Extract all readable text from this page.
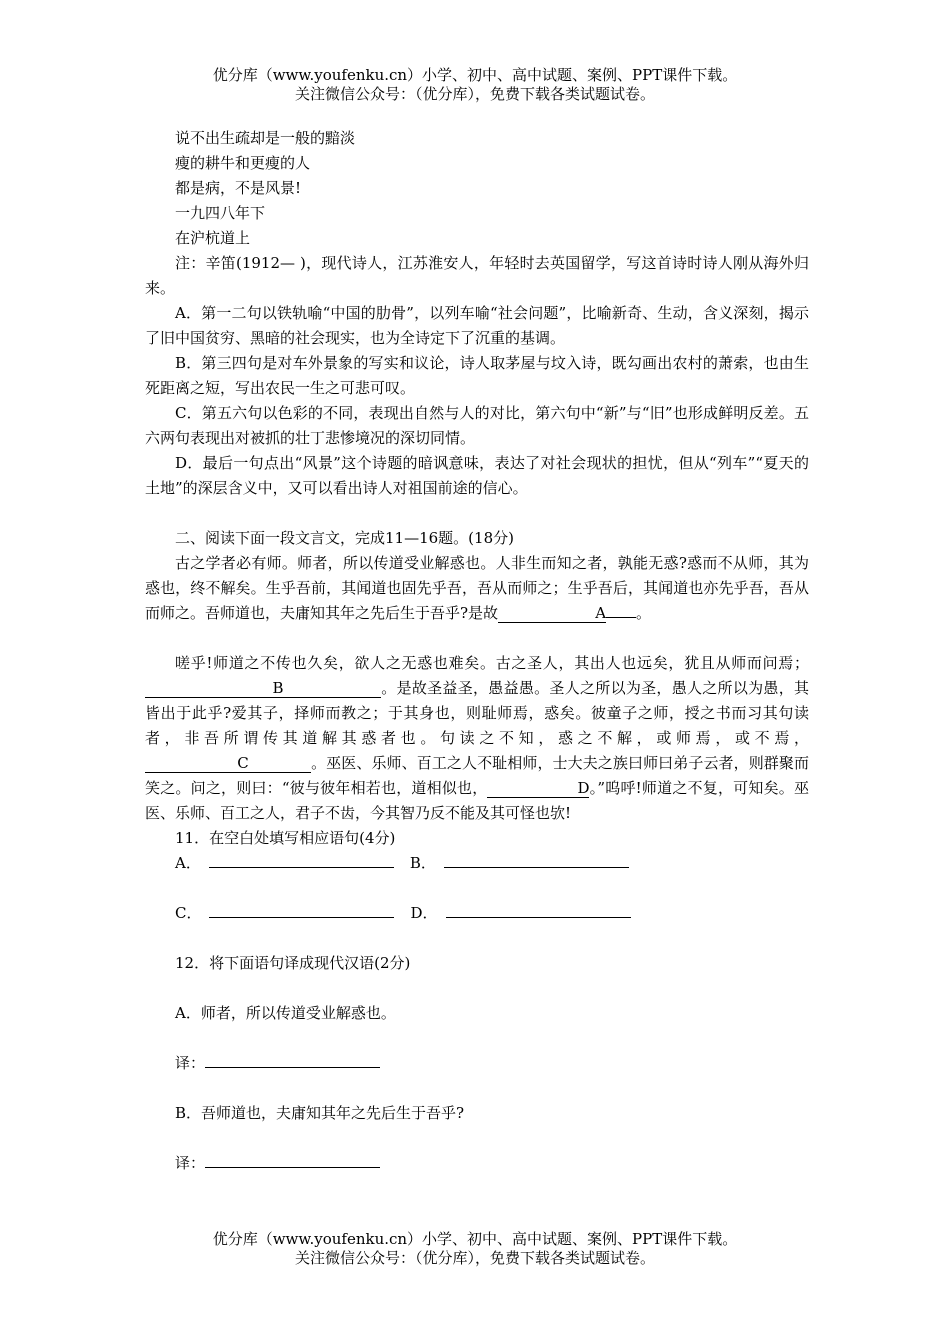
优分库（www.youfenku.cn）小学、初中、高中试题、案例、PPT课件下载。
关注微信公众号：（优分库），免费下载各类试题试卷。

说不出生疏却是一般的黯淡

瘦的耕牛和更瘦的人

都是病，不是风景!

一九四八年下

在沪杭道上

注：辛笛(1912— )，现代诗人，江苏淮安人，年轻时去英国留学，写这首诗时诗人刚从海外归来。

A．第一二句以铁轨喻“中国的肋骨”，以列车喻“社会问题”，比喻新奇、生动，含义深刻，揭示了旧中国贫穷、黑暗的社会现实，也为全诗定下了沉重的基调。

B．第三四句是对车外景象的写实和议论，诗人取茅屋与坟入诗，既勾画出农村的萧索，也由生死距离之短，写出农民一生之可悲可叹。

C．第五六句以色彩的不同，表现出自然与人的对比，第六句中“新”与“旧”也形成鲜明反差。五六两句表现出对被抓的壮丁悲惨境况的深切同情。

D．最后一句点出“风景”这个诗题的暗讽意味，表达了对社会现状的担忧，但从“列车”“夏天的土地”的深层含义中，又可以看出诗人对祖国前途的信心。

二、阅读下面一段文言文，完成11—16题。(18分)

古之学者必有师。师者，所以传道受业解惑也。人非生而知之者，孰能无惑?惑而不从师，其为惑也，终不解矣。生乎吾前，其闻道也固先乎吾，吾从而师之；生乎吾后，其闻道也亦先乎吾，吾从而师之。吾师道也，夫庸知其年之先后生于吾乎?是故	A 。

嗟乎!师道之不传也久矣，欲人之无惑也难矣。古之圣人，其出人也远矣，犹且从师而问焉；B	。是故圣益圣，愚益愚。圣人之所以为圣，愚人之所以为愚，其皆出于此乎?爱其子，择师而教之；于其身也，则耻师焉，惑矣。彼童子之师，授之书而习其句读者，非吾所谓传其道解其惑者也。句读之不知，惑之不解，或师焉，或不焉，C	。巫医、乐师、百工之人不耻相师，士大夫之族曰师曰弟子云者，则群聚而笑之。问之，则曰：“彼与彼年相若也，道相似也，	D。”呜呼!师道之不复，可知矣。巫医、乐师、百工之人，君子不齿，今其智乃反不能及其可怪也欤!

11．在空白处填写相应语句(4分)

A．	B．

C．	D．

12．将下面语句译成现代汉语(2分)

A．师者，所以传道受业解惑也。

译：

B．吾师道也，夫庸知其年之先后生于吾乎?

译：

优分库（www.youfenku.cn）小学、初中、高中试题、案例、PPT课件下载。
关注微信公众号：（优分库），免费下载各类试题试卷。
